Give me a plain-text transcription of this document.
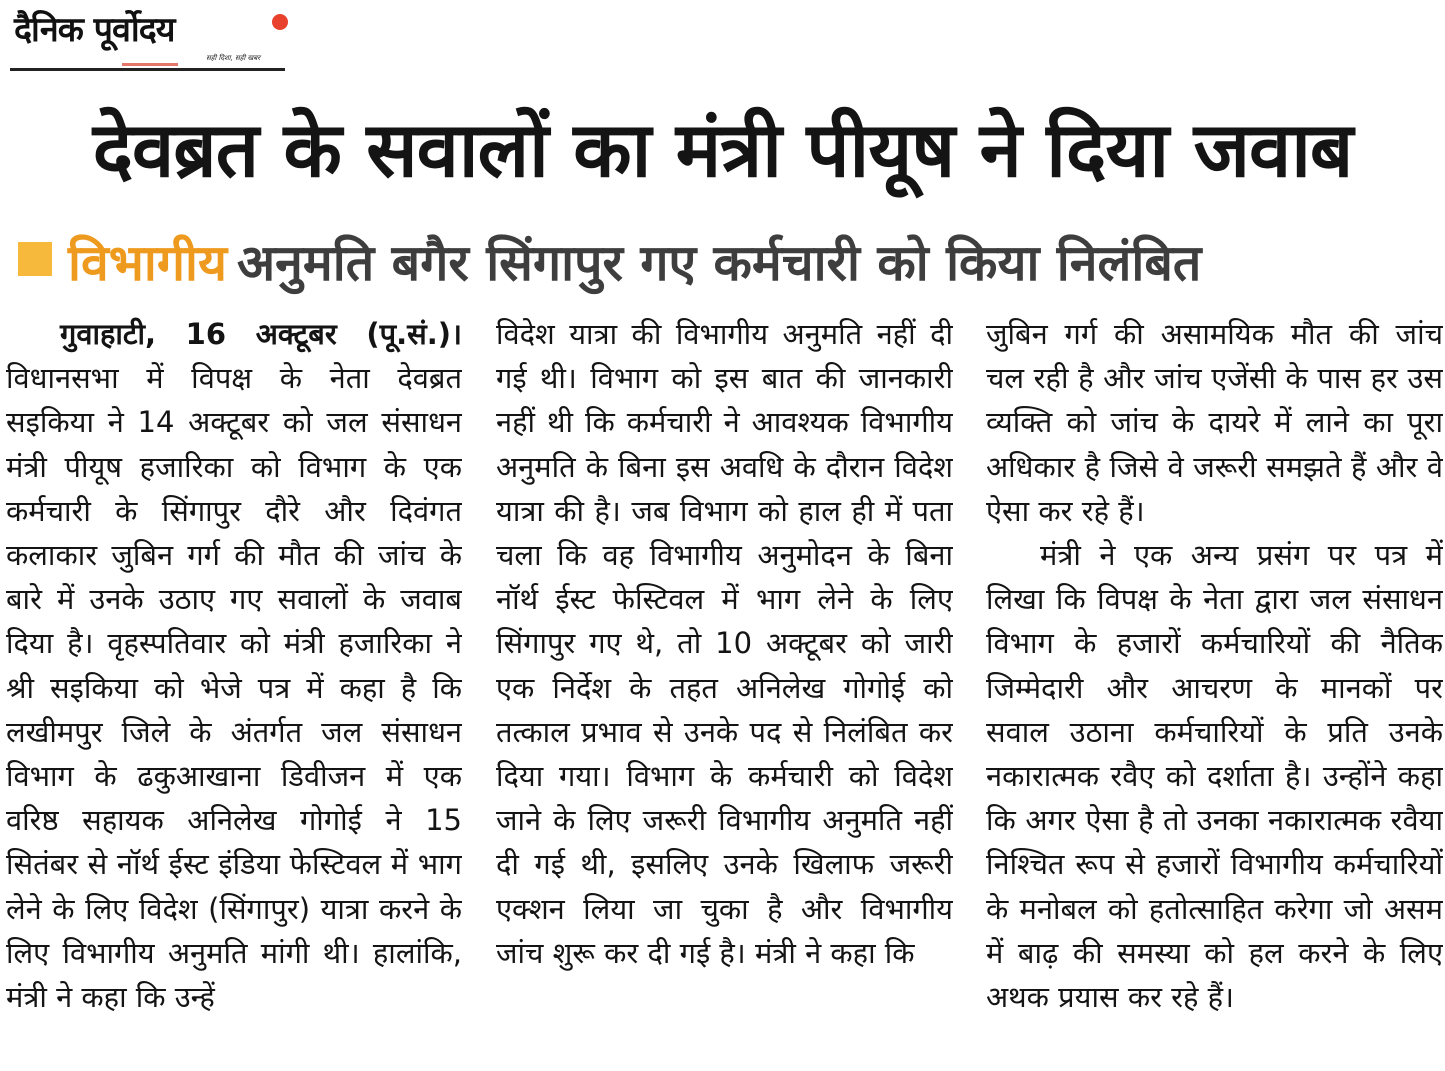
दैनिक पूर्वोदय
सही दिशा, सही खबर
देवब्रत के सवालों का मंत्री पीयूष ने दिया जवाब
विभागीय अनुमति बगैर सिंगापुर गए कर्मचारी को किया निलंबित

गुवाहाटी, 16 अक्टूबर (पू.सं.)। विधानसभा में विपक्ष के नेता देवब्रत सइकिया ने 14 अक्टूबर को जल संसाधन मंत्री पीयूष हजारिका को विभाग के एक कर्मचारी के सिंगापुर दौरे और दिवंगत कलाकार जुबिन गर्ग की मौत की जांच के बारे में उनके उठाए गए सवालों के जवाब दिया है। वृहस्पतिवार को मंत्री हजारिका ने श्री सइकिया को भेजे पत्र में कहा है कि लखीमपुर जिले के अंतर्गत जल संसाधन विभाग के ढकुआखाना डिवीजन में एक वरिष्ठ सहायक अनिलेख गोगोई ने 15 सितंबर से नॉर्थ ईस्ट इंडिया फेस्टिवल में भाग लेने के लिए विदेश (सिंगापुर) यात्रा करने के लिए विभागीय अनुमति मांगी थी। हालांकि, मंत्री ने कहा कि उन्हें

विदेश यात्रा की विभागीय अनुमति नहीं दी गई थी। विभाग को इस बात की जानकारी नहीं थी कि कर्मचारी ने आवश्यक विभागीय अनुमति के बिना इस अवधि के दौरान विदेश यात्रा की है। जब विभाग को हाल ही में पता चला कि वह विभागीय अनुमोदन के बिना नॉर्थ ईस्ट फेस्टिवल में भाग लेने के लिए सिंगापुर गए थे, तो 10 अक्टूबर को जारी एक निर्देश के तहत अनिलेख गोगोई को तत्काल प्रभाव से उनके पद से निलंबित कर दिया गया। विभाग के कर्मचारी को विदेश जाने के लिए जरूरी विभागीय अनुमति नहीं दी गई थी, इसलिए उनके खिलाफ जरूरी एक्शन लिया जा चुका है और विभागीय जांच शुरू कर दी गई है। मंत्री ने कहा कि

जुबिन गर्ग की असामयिक मौत की जांच चल रही है और जांच एजेंसी के पास हर उस व्यक्ति को जांच के दायरे में लाने का पूरा अधिकार है जिसे वे जरूरी समझते हैं और वे ऐसा कर रहे हैं।

मंत्री ने एक अन्य प्रसंग पर पत्र में लिखा कि विपक्ष के नेता द्वारा जल संसाधन विभाग के हजारों कर्मचारियों की नैतिक जिम्मेदारी और आचरण के मानकों पर सवाल उठाना कर्मचारियों के प्रति उनके नकारात्मक रवैए को दर्शाता है। उन्होंने कहा कि अगर ऐसा है तो उनका नकारात्मक रवैया निश्चित रूप से हजारों विभागीय कर्मचारियों के मनोबल को हतोत्साहित करेगा जो असम में बाढ़ की समस्या को हल करने के लिए अथक प्रयास कर रहे हैं।
